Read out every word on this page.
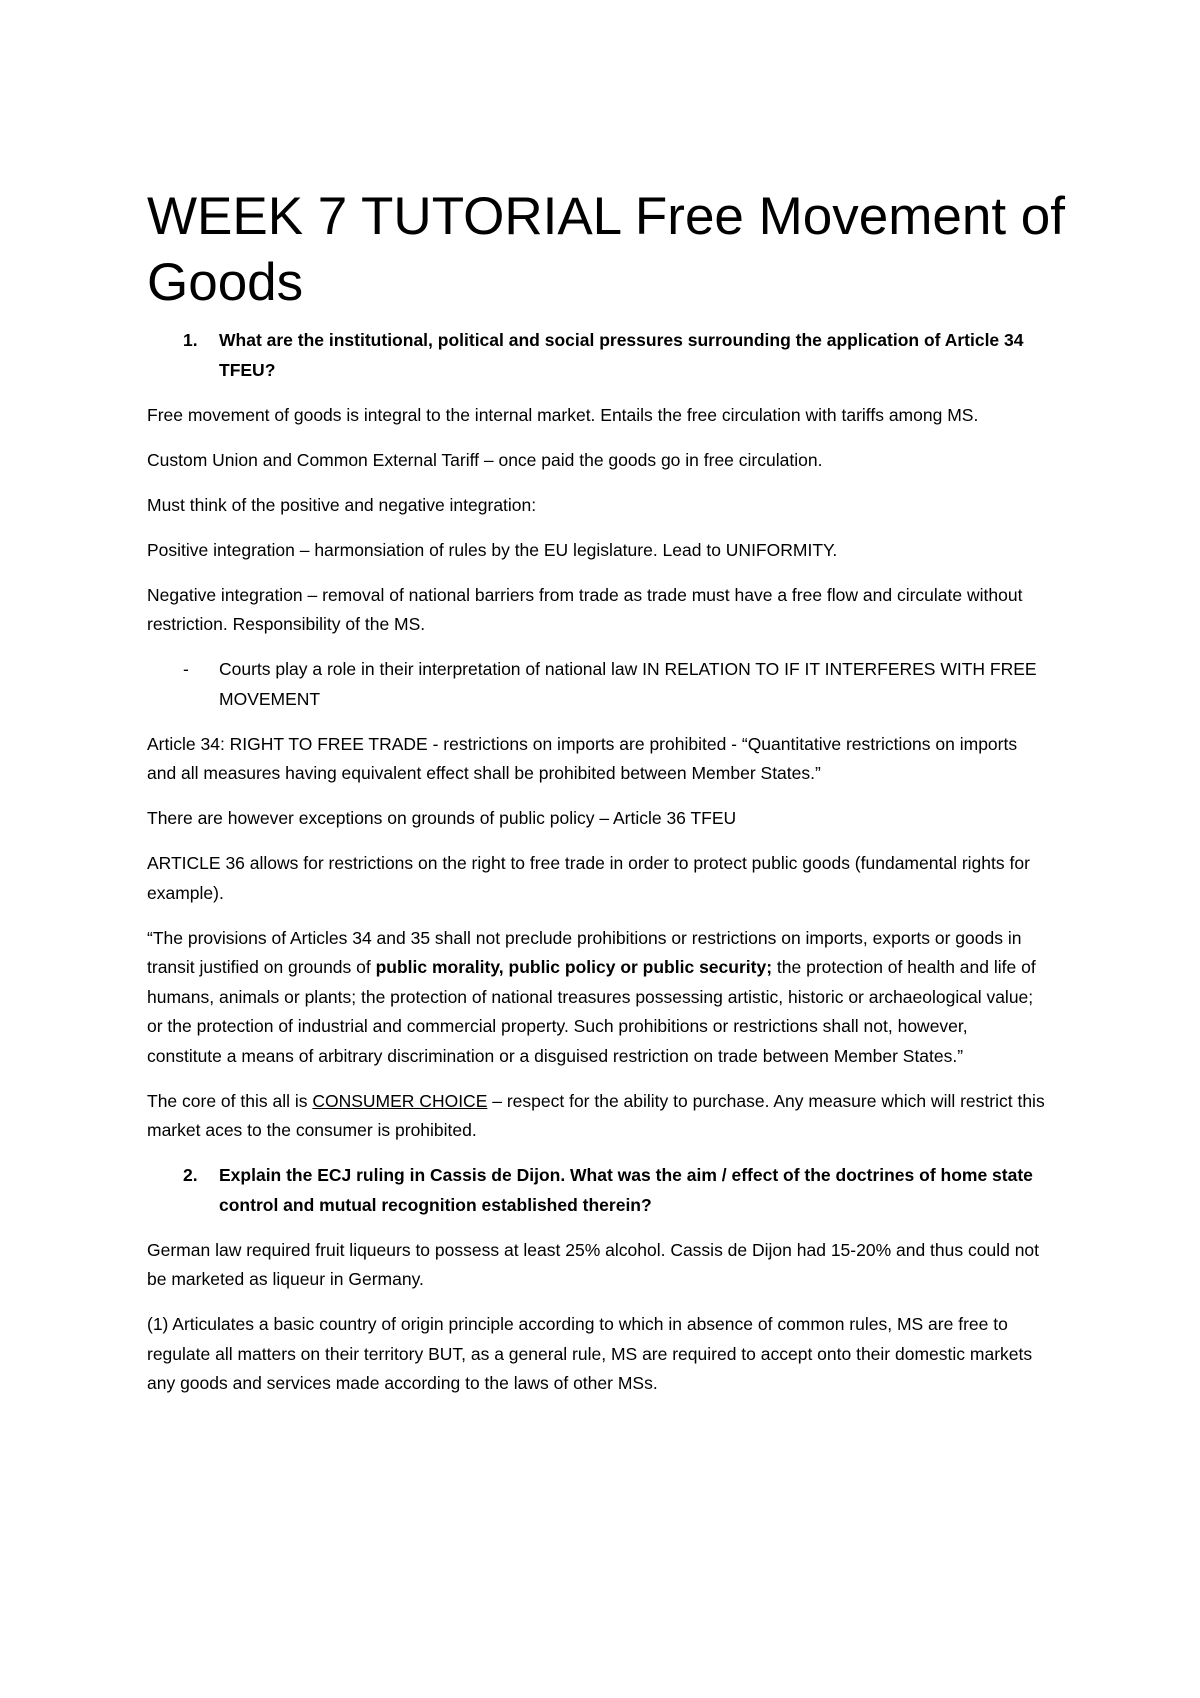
WEEK 7 TUTORIAL Free Movement of Goods
1. What are the institutional, political and social pressures surrounding the application of Article 34 TFEU?

Free movement of goods is integral to the internal market. Entails the free circulation with tariffs among MS.

Custom Union and Common External Tariff – once paid the goods go in free circulation.

Must think of the positive and negative integration:

Positive integration – harmonsiation of rules by the EU legislature. Lead to UNIFORMITY.

Negative integration – removal of national barriers from trade as trade must have a free flow and circulate without restriction. Responsibility of the MS.

- Courts play a role in their interpretation of national law IN RELATION TO IF IT INTERFERES WITH FREE MOVEMENT

Article 34: RIGHT TO FREE TRADE - restrictions on imports are prohibited - “Quantitative restrictions on imports and all measures having equivalent effect shall be prohibited between Member States.”

There are however exceptions on grounds of public policy – Article 36 TFEU

ARTICLE 36 allows for restrictions on the right to free trade in order to protect public goods (fundamental rights for example).

“The provisions of Articles 34 and 35 shall not preclude prohibitions or restrictions on imports, exports or goods in transit justified on grounds of public morality, public policy or public security; the protection of health and life of humans, animals or plants; the protection of national treasures possessing artistic, historic or archaeological value; or the protection of industrial and commercial property. Such prohibitions or restrictions shall not, however, constitute a means of arbitrary discrimination or a disguised restriction on trade between Member States.”

The core of this all is CONSUMER CHOICE – respect for the ability to purchase. Any measure which will restrict this market aces to the consumer is prohibited.

2. Explain the ECJ ruling in Cassis de Dijon. What was the aim / effect of the doctrines of home state control and mutual recognition established therein?

German law required fruit liqueurs to possess at least 25% alcohol. Cassis de Dijon had 15-20% and thus could not be marketed as liqueur in Germany.

(1) Articulates a basic country of origin principle according to which in absence of common rules, MS are free to regulate all matters on their territory BUT, as a general rule, MS are required to accept onto their domestic markets any goods and services made according to the laws of other MSs.
